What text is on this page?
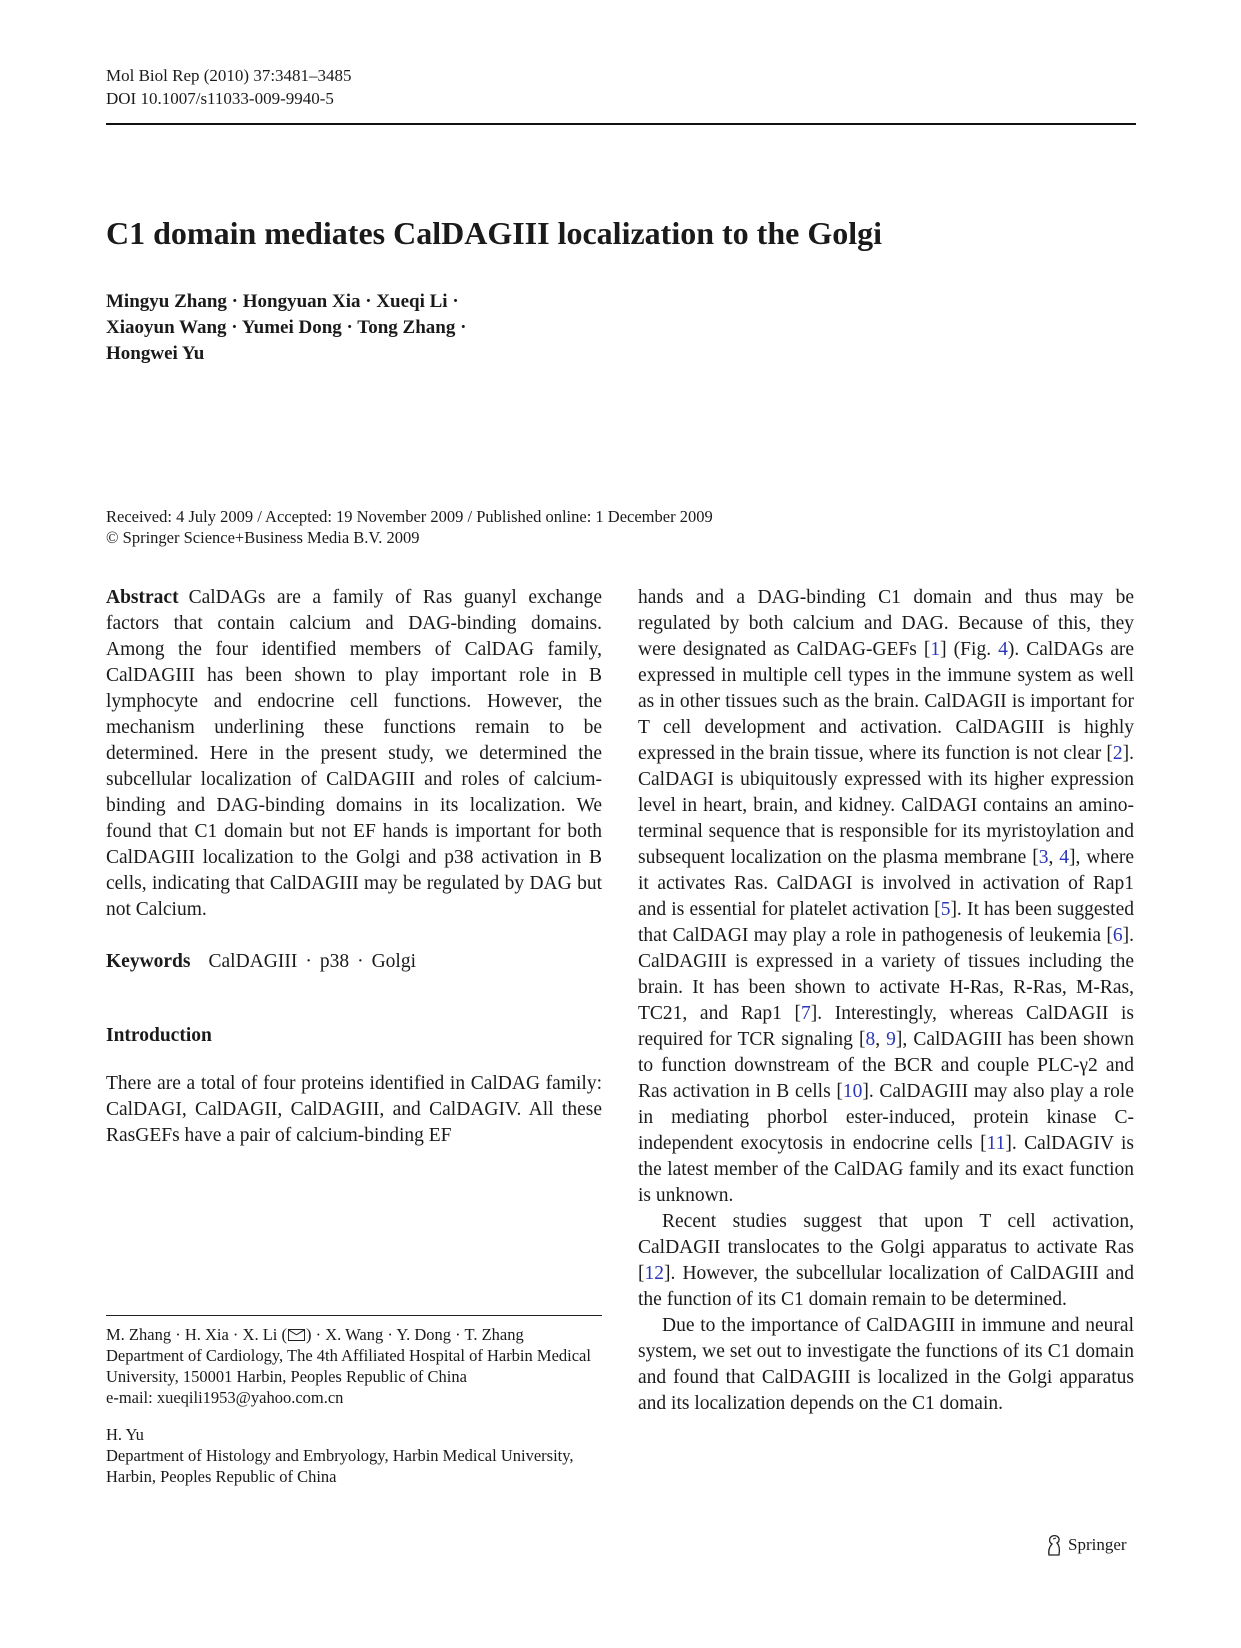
Mol Biol Rep (2010) 37:3481–3485
DOI 10.1007/s11033-009-9940-5
C1 domain mediates CalDAGIII localization to the Golgi
Mingyu Zhang · Hongyuan Xia · Xueqi Li ·
Xiaoyun Wang · Yumei Dong · Tong Zhang ·
Hongwei Yu
Received: 4 July 2009 / Accepted: 19 November 2009 / Published online: 1 December 2009
© Springer Science+Business Media B.V. 2009

Abstract CalDAGs are a family of Ras guanyl exchange factors that contain calcium and DAG-binding domains. Among the four identified members of CalDAG family, CalDAGIII has been shown to play important role in B lymphocyte and endocrine cell functions. However, the mechanism underlining these functions remain to be determined. Here in the present study, we determined the subcellular localization of CalDAGIII and roles of calcium-binding and DAG-binding domains in its localization. We found that C1 domain but not EF hands is important for both CalDAGIII localization to the Golgi and p38 activation in B cells, indicating that CalDAGIII may be regulated by DAG but not Calcium.

Keywords CalDAGIII · p38 · Golgi

Introduction

There are a total of four proteins identified in CalDAG family: CalDAGI, CalDAGII, CalDAGIII, and CalDAGIV. All these RasGEFs have a pair of calcium-binding EF

hands and a DAG-binding C1 domain and thus may be regulated by both calcium and DAG. Because of this, they were designated as CalDAG-GEFs [1] (Fig. 4). CalDAGs are expressed in multiple cell types in the immune system as well as in other tissues such as the brain. CalDAGII is important for T cell development and activation. CalDAGIII is highly expressed in the brain tissue, where its function is not clear [2]. CalDAGI is ubiquitously expressed with its higher expression level in heart, brain, and kidney. CalDAGI contains an amino-terminal sequence that is responsible for its myristoylation and subsequent localization on the plasma membrane [3, 4], where it activates Ras. CalDAGI is involved in activation of Rap1 and is essential for platelet activation [5]. It has been suggested that CalDAGI may play a role in pathogenesis of leukemia [6]. CalDAGIII is expressed in a variety of tissues including the brain. It has been shown to activate H-Ras, R-Ras, M-Ras, TC21, and Rap1 [7]. Interestingly, whereas CalDAGII is required for TCR signaling [8, 9], CalDAGIII has been shown to function downstream of the BCR and couple PLC-γ2 and Ras activation in B cells [10]. CalDAGIII may also play a role in mediating phorbol ester-induced, protein kinase C- independent exocytosis in endocrine cells [11]. CalDAGIV is the latest member of the CalDAG family and its exact function is unknown.

Recent studies suggest that upon T cell activation, CalDAGII translocates to the Golgi apparatus to activate Ras [12]. However, the subcellular localization of CalDAGIII and the function of its C1 domain remain to be determined.

Due to the importance of CalDAGIII in immune and neural system, we set out to investigate the functions of its C1 domain and found that CalDAGIII is localized in the Golgi apparatus and its localization depends on the C1 domain.

M. Zhang · H. Xia · X. Li ( ) · X. Wang · Y. Dong · T. Zhang

Department of Cardiology, The 4th Affiliated Hospital of Harbin Medical University, 150001 Harbin, Peoples Republic of China

e-mail: xueqili1953@yahoo.com.cn

H. Yu

Department of Histology and Embryology, Harbin Medical University, Harbin, Peoples Republic of China

Springer
